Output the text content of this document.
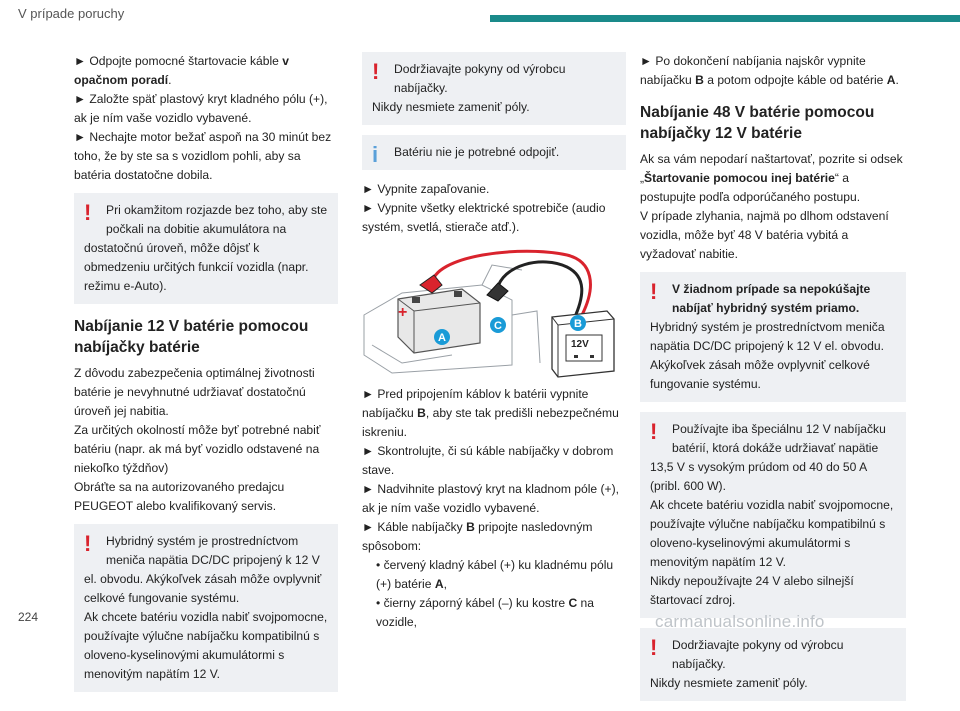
V prípade poruchy

► Odpojte pomocné štartovacie káble v opačnom poradí.

► Založte späť plastový kryt kladného pólu (+), ak je ním vaše vozidlo vybavené.

► Nechajte motor bežať aspoň na 30 minút bez toho, že by ste sa s vozidlom pohli, aby sa batéria dostatočne dobila.

!	Pri okamžitom rozjazde bez toho, aby ste počkali na dobitie akumulátora na
dostatočnú úroveň, môže dôjsť k obmedzeniu určitých funkcií vozidla (napr. režimu e-Auto).
Nabíjanie 12 V batérie pomocou nabíjačky batérie

Z dôvodu zabezpečenia optimálnej životnosti batérie je nevyhnutné udržiavať dostatočnú úroveň jej nabitia.

Za určitých okolností môže byť potrebné nabiť batériu (napr. ak má byť vozidlo odstavené na niekoľko týždňov)

Obráťte sa na autorizovaného predajcu PEUGEOT alebo kvalifikovaný servis.

!	Hybridný systém je prostredníctvom meniča napätia DC/DC pripojený k 12 V
el. obvodu. Akýkoľvek zásah môže ovplyvniť celkové fungovanie systému.
Ak chcete batériu vozidla nabiť svojpomocne, používajte výlučne nabíjačku kompatibilnú s oloveno-kyselinovými akumulátormi s menovitým napätím 12 V.
!	Dodržiavajte pokyny od výrobcu nabíjačky.
Nikdy nesmiete zameniť póly.
i	Batériu nie je potrebné odpojiť.

► Vypnite zapaľovanie.

► Vypnite všetky elektrické spotrebiče (audio systém, svetlá, stierače atď.).

+
12V
A
C	B

► Pred pripojením káblov k batérii vypnite nabíjačku B, aby ste tak predišli nebezpečnému iskreniu.

► Skontrolujte, či sú káble nabíjačky v dobrom stave.

► Nadvihnite plastový kryt na kladnom póle (+), ak je ním vaše vozidlo vybavené.

► Káble nabíjačky B pripojte nasledovným spôsobom:

• červený kladný kábel (+) ku kladnému pólu (+) batérie A,

• čierny záporný kábel (–) ku kostre C na vozidle,

► Po dokončení nabíjania najskôr vypnite nabíjačku B a potom odpojte káble od batérie A.

Nabíjanie 48 V batérie pomocou nabíjačky 12 V batérie

Ak sa vám nepodarí naštartovať, pozrite si odsek „Štartovanie pomocou inej batérie“ a postupujte podľa odporúčaného postupu.

V prípade zlyhania, najmä po dlhom odstavení vozidla, môže byť 48 V batéria vybitá a vyžadovať nabitie.

!	V žiadnom prípade sa nepokúšajte nabíjať hybridný systém priamo.
Hybridný systém je prostredníctvom meniča napätia DC/DC pripojený k 12 V el. obvodu. Akýkoľvek zásah môže ovplyvniť celkové fungovanie systému.
!	Používajte iba špeciálnu 12 V nabíjačku batérií, ktorá dokáže udržiavať napätie
13,5 V s vysokým prúdom od 40 do 50 A (pribl. 600 W).
Ak chcete batériu vozidla nabiť svojpomocne, používajte výlučne nabíjačku kompatibilnú s oloveno-kyselinovými akumulátormi s menovitým napätím 12 V.
Nikdy nepoužívajte 24 V alebo silnejší štartovací zdroj.
!	Dodržiavajte pokyny od výrobcu nabíjačky.
Nikdy nesmiete zameniť póly.
224	carmanualsonline.info
